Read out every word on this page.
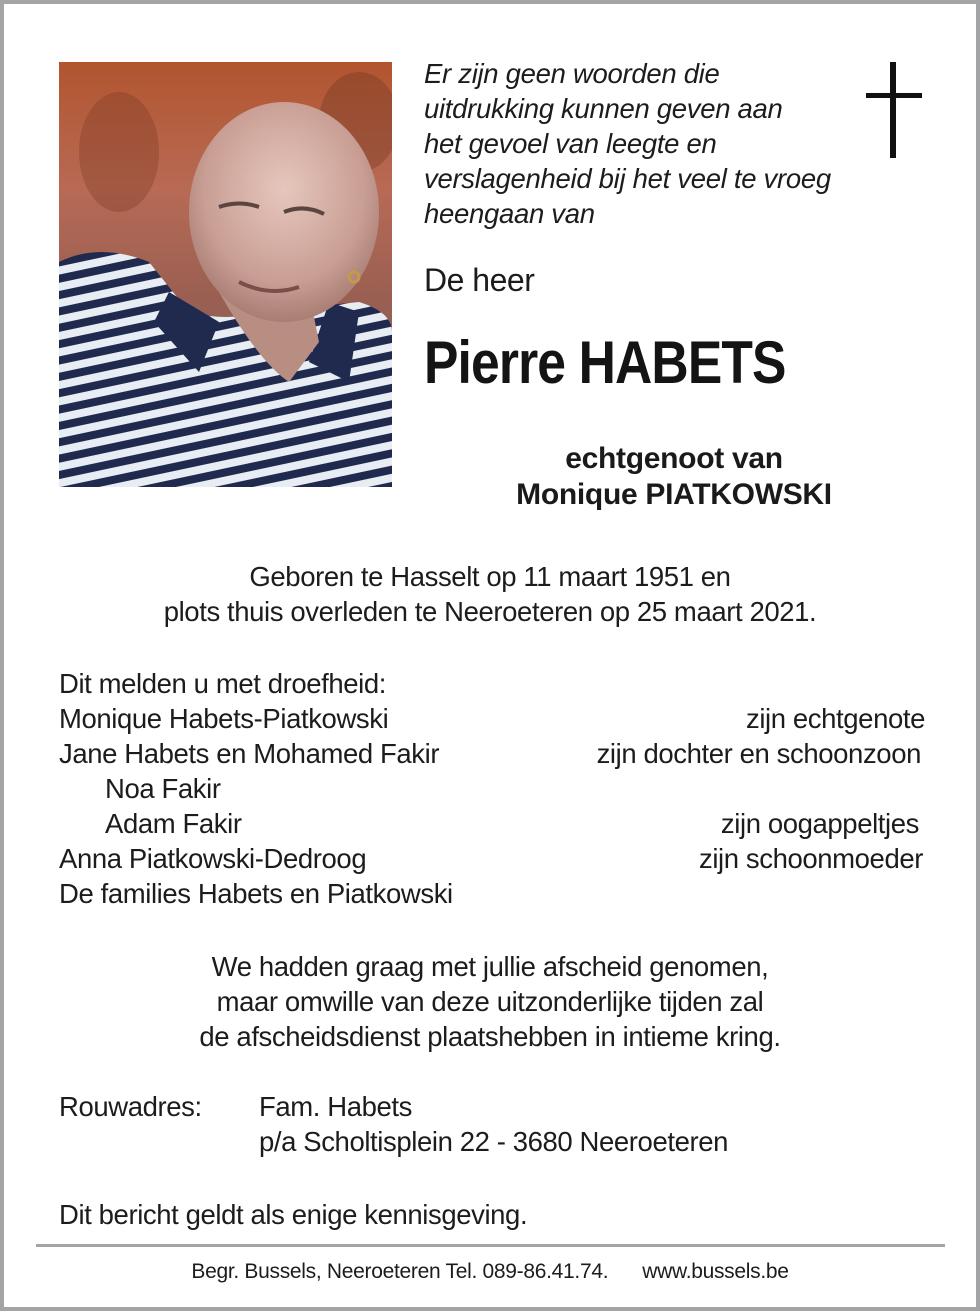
Er zijn geen woorden die
uitdrukking kunnen geven aan
het gevoel van leegte en
verslagenheid bij het veel te vroeg
heengaan van
De heer
Pierre HABETS
echtgenoot van
Monique PIATKOWSKI
Geboren te Hasselt op 11 maart 1951 en
plots thuis overleden te Neeroeteren op 25 maart 2021.
Dit melden u met droefheid:
Monique Habets-Piatkowski	zijn echtgenote
Jane Habets en Mohamed Fakir	zijn dochter en schoonzoon
Noa Fakir
Adam Fakir	zijn oogappeltjes
Anna Piatkowski-Dedroog	zijn schoonmoeder
De families Habets en Piatkowski
We hadden graag met jullie afscheid genomen,
maar omwille van deze uitzonderlijke tijden zal
de afscheidsdienst plaatshebben in intieme kring.
Rouwadres:	Fam. Habets
p/a Scholtisplein 22 - 3680 Neeroeteren
Dit bericht geldt als enige kennisgeving.
Begr. Bussels, Neeroeteren Tel. 089-86.41.74. www.bussels.be
